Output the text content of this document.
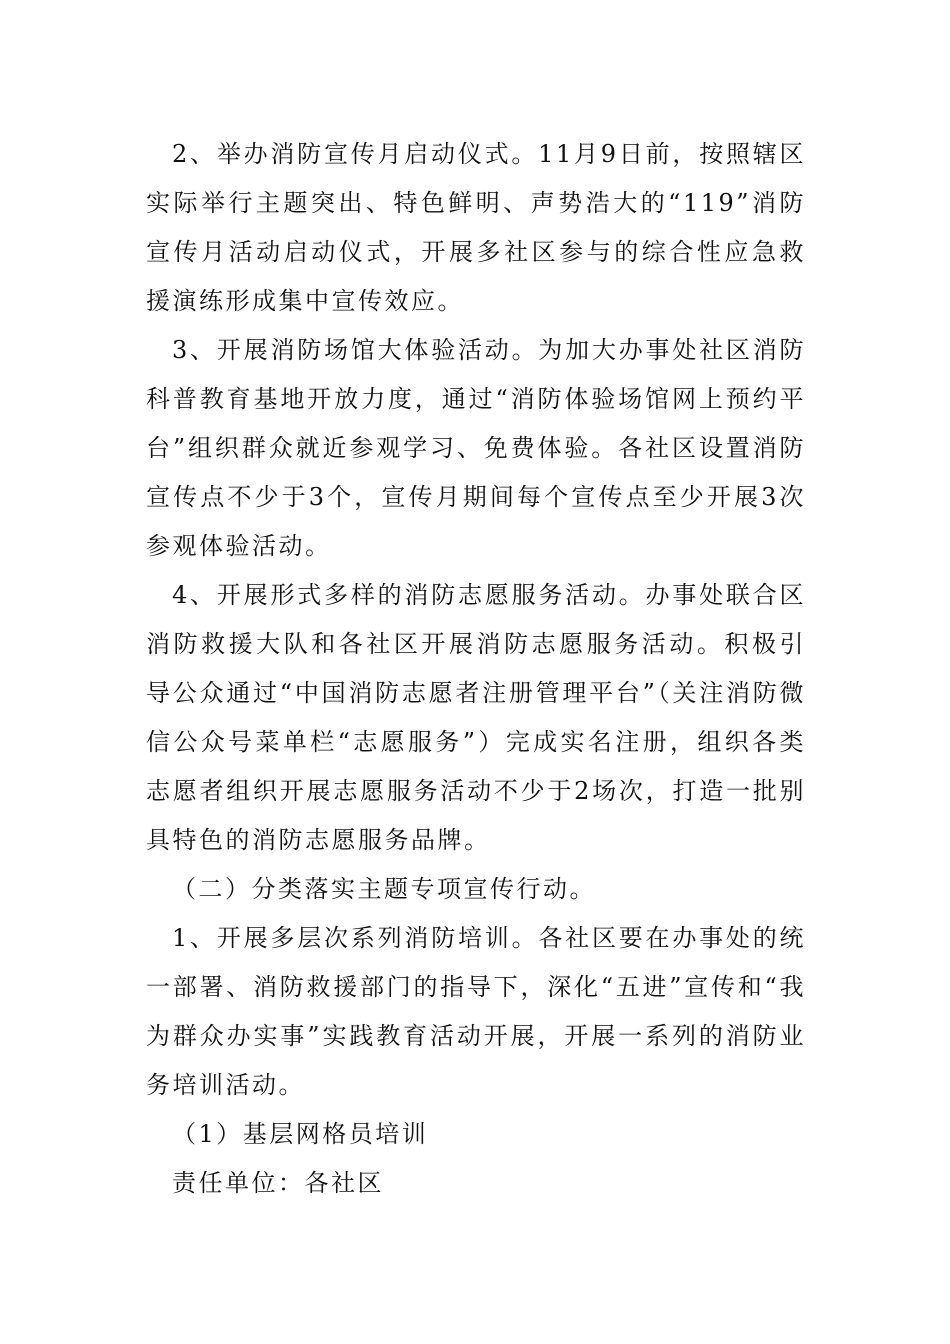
2、举办消防宣传月启动仪式。11月9日前，按照辖区实际举行主题突出、特色鲜明、声势浩大的“119”消防宣传月活动启动仪式，开展多社区参与的综合性应急救援演练形成集中宣传效应。

3、开展消防场馆大体验活动。为加大办事处社区消防科普教育基地开放力度，通过“消防体验场馆网上预约平台”组织群众就近参观学习、免费体验。各社区设置消防宣传点不少于3个，宣传月期间每个宣传点至少开展3次参观体验活动。

4、开展形式多样的消防志愿服务活动。办事处联合区消防救援大队和各社区开展消防志愿服务活动。积极引导公众通过“中国消防志愿者注册管理平台”（关注消防微信公众号菜单栏“志愿服务”）完成实名注册，组织各类志愿者组织开展志愿服务活动不少于2场次，打造一批别具特色的消防志愿服务品牌。

（二）分类落实主题专项宣传行动。

1、开展多层次系列消防培训。各社区要在办事处的统一部署、消防救援部门的指导下，深化“五进”宣传和“我为群众办实事”实践教育活动开展，开展一系列的消防业务培训活动。

（1）基层网格员培训

责任单位：各社区
